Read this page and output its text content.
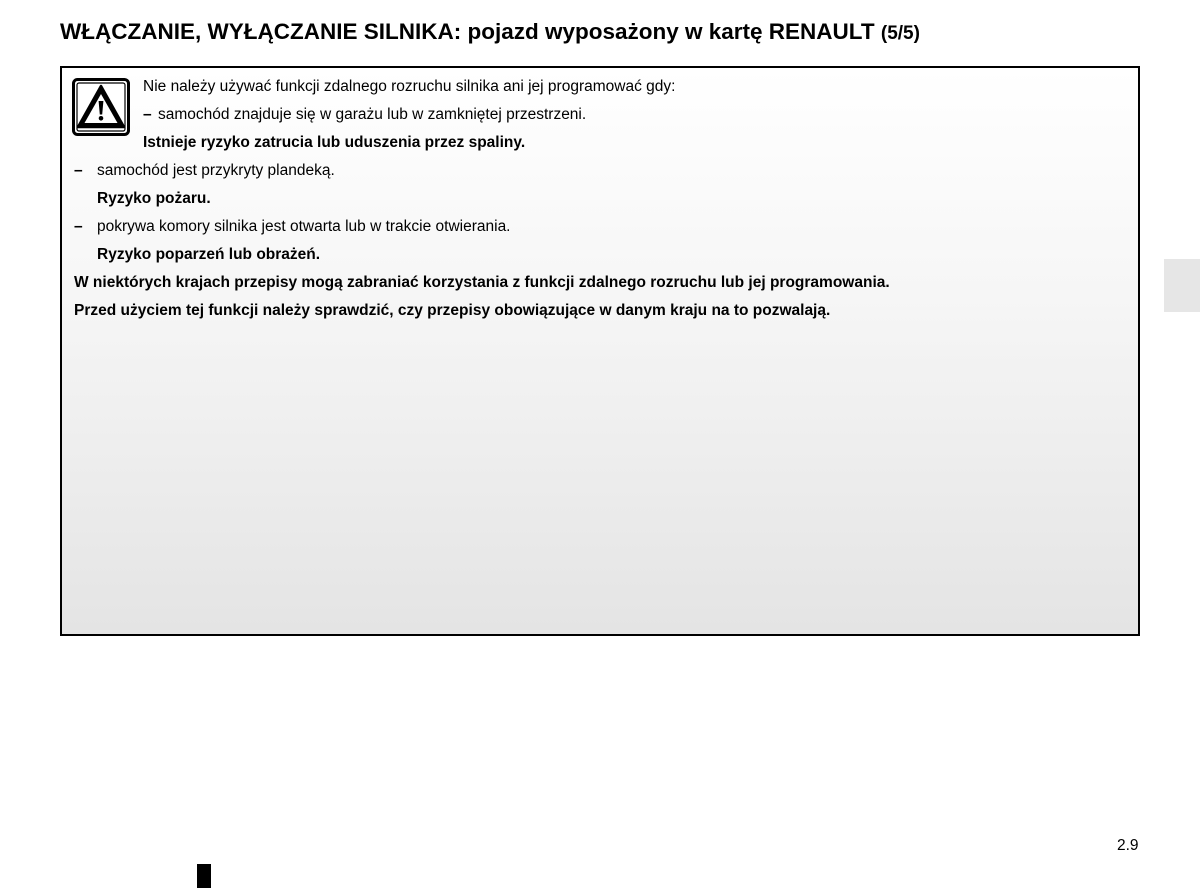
WŁĄCZANIE, WYŁĄCZANIE SILNIKA: pojazd wyposażony w kartę RENAULT (5/5)
Nie należy używać funkcji zdalnego rozruchu silnika ani jej programować gdy:
– samochód znajduje się w garażu lub w zamkniętej przestrzeni.
Istnieje ryzyko zatrucia lub uduszenia przez spaliny.
– samochód jest przykryty plandeką.
Ryzyko pożaru.
– pokrywa komory silnika jest otwarta lub w trakcie otwierania.
Ryzyko poparzeń lub obrażeń.
W niektórych krajach przepisy mogą zabraniać korzystania z funkcji zdalnego rozruchu lub jej programowania.
Przed użyciem tej funkcji należy sprawdzić, czy przepisy obowiązujące w danym kraju na to pozwalają.
2.9
